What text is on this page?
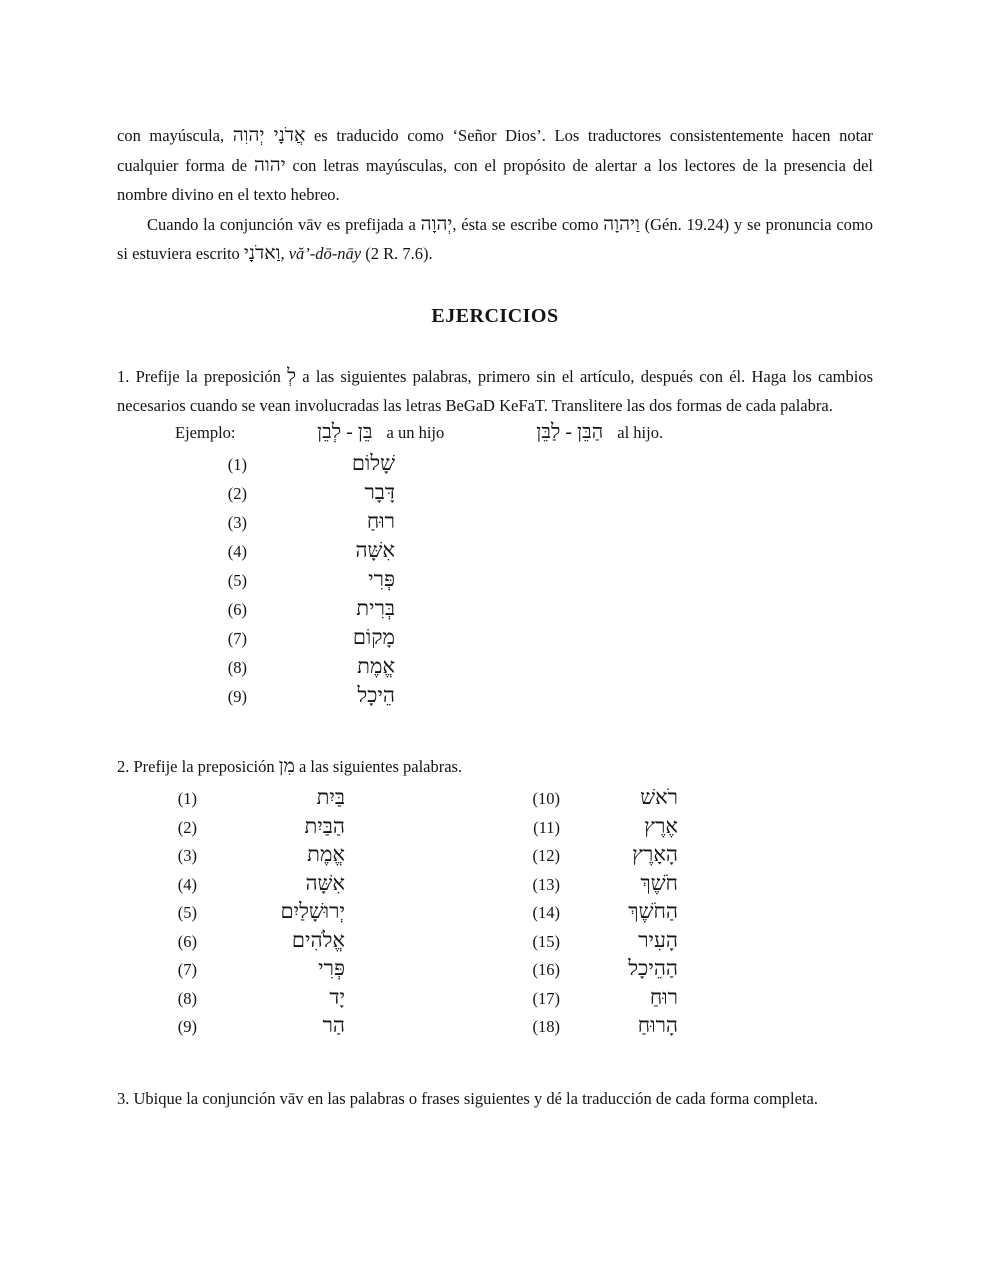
con mayúscula, אֲדֹנָי יְהוִה es traducido como ‘Señor Dios’. Los traductores consistentemente hacen notar cualquier forma de יהוה con letras mayúsculas, con el propósito de alertar a los lectores de la presencia del nombre divino en el texto hebreo.

Cuando la conjunción vāv es prefijada a יְהוָה, ésta se escribe como וַיהוָה (Gén. 19.24) y se pronuncia como si estuviera escrito וַאדֹנָי, vă’-dō-nāy (2 R. 7.6).

EJERCICIOS

1. Prefije la preposición לְ a las siguientes palabras, primero sin el artículo, después con él. Haga los cambios necesarios cuando se vean involucradas las letras BeGaD KeFaT. Translitere las dos formas de cada palabra.

Ejemplo:	בֵּן - לְבֵן a un hijo	הַבֵּן - לַבֵּן al hijo.
(1)	שָׁלוֹם
(2)	דָּבָר
(3)	רוּחַ
(4)	אִשָּׁה
(5)	פְּרִי
(6)	בְּרִית
(7)	מָקוֹם
(8)	אֱמֶת
(9)	הֵיכָל

2. Prefije la preposición מִן a las siguientes palabras.

(1)	בַּיִת	(10)	רֹאשׁ
(2)	הַבַּיִת	(11)	אֶרֶץ
(3)	אֱמֶת	(12)	הָאָרֶץ
(4)	אִשָּׁה	(13)	חֹשֶׁךְ
(5)	יְרוּשָׁלַיִם	(14)	הַחֹשֶׁךְ
(6)	אֱלֹהִים	(15)	הָעִיר
(7)	פְּרִי	(16)	הַהֵיכָל
(8)	יָד	(17)	רוּחַ
(9)	הַר	(18)	הָרוּחַ

3. Ubique la conjunción vāv en las palabras o frases siguientes y dé la traducción de cada forma completa.
